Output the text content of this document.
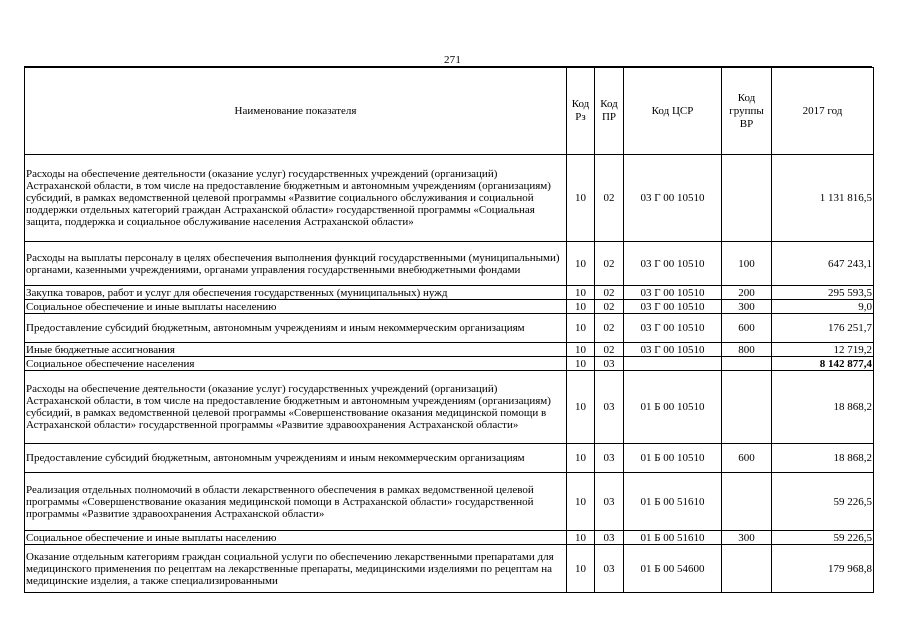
271
Наименование показателя	Код Рз	Код ПР	Код ЦСР	Код группы ВР	2017 год
Расходы на обеспечение деятельности (оказание услуг) государственных учреждений (организаций) Астраханской области, в том числе на предоставление бюджетным и автономным учреждениям (организациям) субсидий, в рамках ведомственной целевой программы «Развитие социального обслуживания и социальной поддержки отдельных категорий граждан Астраханской области» государственной программы «Социальная защита, поддержка и социальное обслуживание населения Астраханской области»	10	02	03 Г 00 10510		1 131 816,5
Расходы на выплаты персоналу в целях обеспечения выполнения функций государственными (муниципальными) органами, казенными учреждениями, органами управления государственными внебюджетными фондами	10	02	03 Г 00 10510	100	647 243,1
Закупка товаров, работ и услуг для обеспечения государственных (муниципальных) нужд	10	02	03 Г 00 10510	200	295 593,5
Социальное обеспечение и иные выплаты населению	10	02	03 Г 00 10510	300	9,0
Предоставление субсидий бюджетным, автономным учреждениям и иным некоммерческим организациям	10	02	03 Г 00 10510	600	176 251,7
Иные бюджетные ассигнования	10	02	03 Г 00 10510	800	12 719,2
Социальное обеспечение населения	10	03			8 142 877,4
Расходы на обеспечение деятельности (оказание услуг) государственных учреждений (организаций) Астраханской области, в том числе на предоставление бюджетным и автономным учреждениям (организациям) субсидий, в рамках ведомственной целевой программы «Совершенствование оказания медицинской помощи в Астраханской области» государственной программы «Развитие здравоохранения Астраханской области»	10	03	01 Б 00 10510		18 868,2
Предоставление субсидий бюджетным, автономным учреждениям и иным некоммерческим организациям	10	03	01 Б 00 10510	600	18 868,2
Реализация отдельных полномочий в области лекарственного обеспечения в рамках ведомственной целевой программы «Совершенствование оказания медицинской помощи в Астраханской области» государственной программы «Развитие здравоохранения Астраханской области»	10	03	01 Б 00 51610		59 226,5
Социальное обеспечение и иные выплаты населению	10	03	01 Б 00 51610	300	59 226,5
Оказание отдельным категориям граждан социальной услуги по обеспечению лекарственными препаратами для медицинского применения по рецептам на лекарственные препараты, медицинскими изделиями по рецептам на медицинские изделия, а также специализированными	10	03	01 Б 00 54600		179 968,8
